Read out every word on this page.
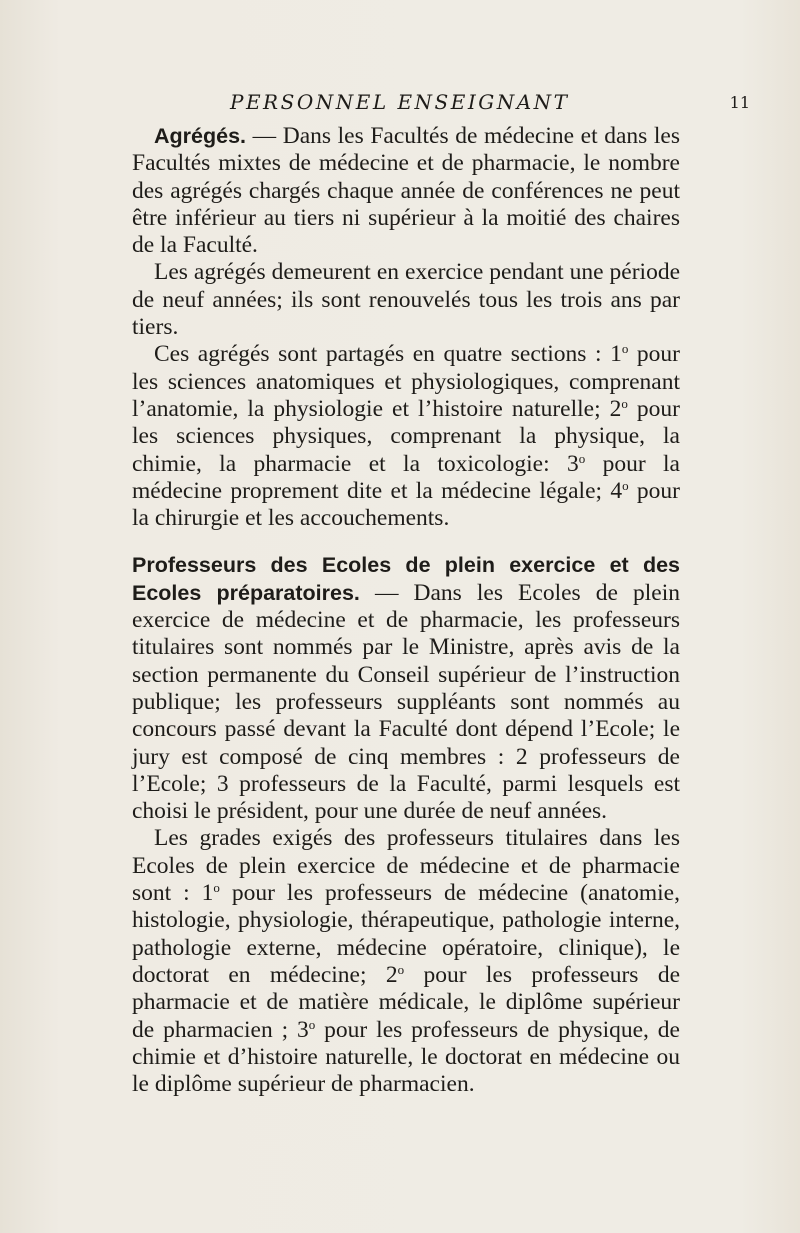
PERSONNEL ENSEIGNANT	11

Agrégés. — Dans les Facultés de médecine et dans les Facultés mixtes de médecine et de pharmacie, le nombre des agrégés chargés chaque année de conférences ne peut être inférieur au tiers ni supérieur à la moitié des chaires de la Faculté.

Les agrégés demeurent en exercice pendant une période de neuf années; ils sont renouvelés tous les trois ans par tiers.

Ces agrégés sont partagés en quatre sections : 1$^o$ pour les sciences anatomiques et physiologiques, comprenant l’anatomie, la physiologie et l’histoire naturelle; 2$^o$ pour les sciences physiques, comprenant la physique, la chimie, la pharmacie et la toxicologie: 3$^o$ pour la médecine proprement dite et la médecine légale; 4$^o$ pour la chirurgie et les accouchements.

Professeurs des Ecoles de plein exercice et des Ecoles préparatoires. — Dans les Ecoles de plein exercice de médecine et de pharmacie, les professeurs titulaires sont nommés par le Ministre, après avis de la section permanente du Conseil supérieur de l’instruction publique; les professeurs suppléants sont nommés au concours passé devant la Faculté dont dépend l’Ecole; le jury est composé de cinq membres : 2 professeurs de l’Ecole; 3 professeurs de la Faculté, parmi lesquels est choisi le président, pour une durée de neuf années.

Les grades exigés des professeurs titulaires dans les Ecoles de plein exercice de médecine et de pharmacie sont : 1$^o$ pour les professeurs de médecine (anatomie, histologie, physiologie, thérapeutique, pathologie interne, pathologie externe, médecine opératoire, clinique), le doctorat en médecine; 2$^o$ pour les professeurs de pharmacie et de matière médicale, le diplôme supérieur de pharmacien ; 3$^o$ pour les professeurs de physique, de chimie et d’histoire naturelle, le doctorat en médecine ou le diplôme supérieur de pharmacien.
